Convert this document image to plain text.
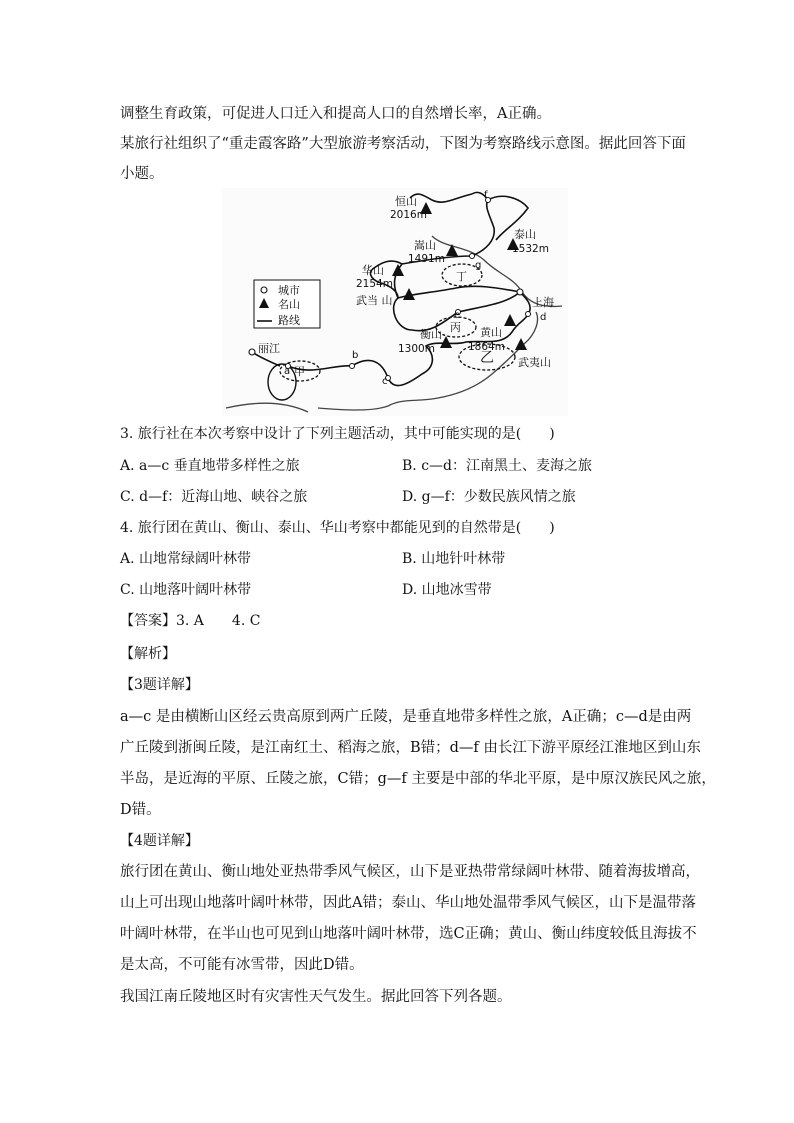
调整生育政策，可促进人口迁入和提高人口的自然增长率，A正确。
某旅行社组织了“重走霞客路”大型旅游考察活动，下图为考察路线示意图。据此回答下面
小题。
城市
名山
路线
恒山
2016m
泰山
1532m
嵩山
1491m
华山
2154m
武当 山
衡山
1300m
黄山
1864m
武夷山
上海
丽江
甲
乙
丙
丁
a
b
c
d
e
f
g
3. 旅行社在本次考察中设计了下列主题活动，其中可能实现的是(　　)
A. a—c 垂直地带多样性之旅	B. c—d：江南黑土、麦海之旅
C. d—f：近海山地、峡谷之旅	D. g—f：少数民族风情之旅
4. 旅行团在黄山、衡山、泰山、华山考察中都能见到的自然带是(　　)
A. 山地常绿阔叶林带	B. 山地针叶林带
C. 山地落叶阔叶林带	D. 山地冰雪带
【答案】3. A　　4. C
【解析】
【3题详解】
a—c 是由横断山区经云贵高原到两广丘陵，是垂直地带多样性之旅，A正确；c—d是由两
广丘陵到浙闽丘陵，是江南红土、稻海之旅，B错；d—f 由长江下游平原经江淮地区到山东
半岛，是近海的平原、丘陵之旅，C错；g—f 主要是中部的华北平原，是中原汉族民风之旅，
D错。
【4题详解】
旅行团在黄山、衡山地处亚热带季风气候区，山下是亚热带常绿阔叶林带、随着海拔增高，
山上可出现山地落叶阔叶林带，因此A错；泰山、华山地处温带季风气候区，山下是温带落
叶阔叶林带，在半山也可见到山地落叶阔叶林带，选C正确；黄山、衡山纬度较低且海拔不
是太高，不可能有冰雪带，因此D错。
我国江南丘陵地区时有灾害性天气发生。据此回答下列各题。
